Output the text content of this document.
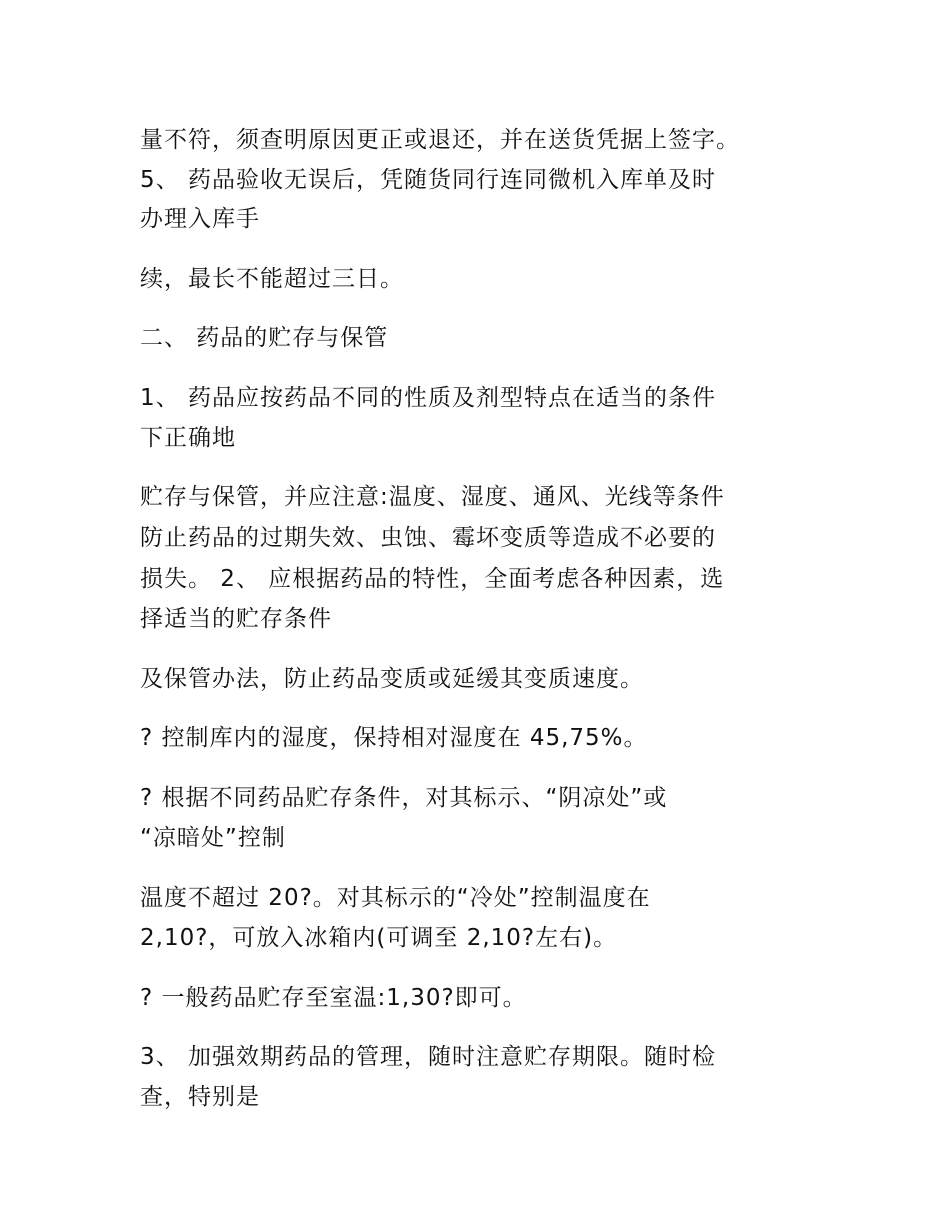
量不符，须查明原因更正或退还，并在送货凭据上签字。
5、 药品验收无误后，凭随货同行连同微机入库单及时
办理入库手
续，最长不能超过三日。
二、 药品的贮存与保管
1、 药品应按药品不同的性质及剂型特点在适当的条件
下正确地
贮存与保管，并应注意:温度、湿度、通风、光线等条件
防止药品的过期失效、虫蚀、霉坏变质等造成不必要的
损失。 2、 应根据药品的特性，全面考虑各种因素，选
择适当的贮存条件
及保管办法，防止药品变质或延缓其变质速度。
? 控制库内的湿度，保持相对湿度在 45,75%。
? 根据不同药品贮存条件，对其标示、“阴凉处”或
“凉暗处”控制
温度不超过 20?。对其标示的“冷处”控制温度在
2,10?，可放入冰箱内(可调至 2,10?左右)。
? 一般药品贮存至室温:1,30?即可。
3、 加强效期药品的管理，随时注意贮存期限。随时检
查，特别是
